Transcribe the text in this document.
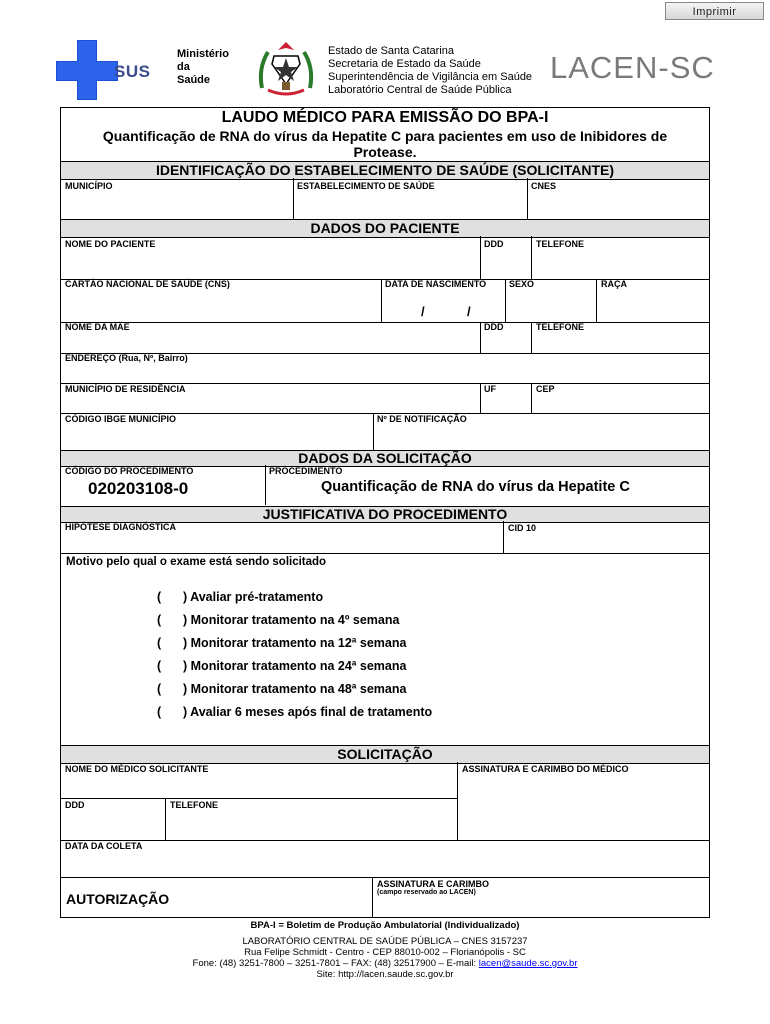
Imprimir
SUS
Ministério
da
Saúde
Estado de Santa Catarina
Secretaria de Estado da Saúde
Superintendência de Vigilância em Saúde
Laboratório Central de Saúde Pública
LACEN-SC
LAUDO MÉDICO PARA EMISSÃO DO BPA-I
Quantificação de RNA do vírus da Hepatite C para pacientes em uso de Inibidores de
Protease.
IDENTIFICAÇÃO DO ESTABELECIMENTO DE SAÚDE (SOLICITANTE)
MUNICÍPIO	ESTABELECIMENTO DE SAÚDE	CNES
DADOS DO PACIENTE
NOME DO PACIENTE	DDD	TELEFONE
CARTÃO NACIONAL DE SAÚDE (CNS)	DATA DE NASCIMENTO	SEXO	RAÇA
/	/
NOME DA MÃE	DDD	TELEFONE
ENDEREÇO (Rua, Nº, Bairro)
MUNICÍPIO DE RESIDÊNCIA	UF	CEP
CÓDIGO IBGE MUNICÍPIO	Nº DE NOTIFICAÇÃO
DADOS DA SOLICITAÇÃO
CÓDIGO DO PROCEDIMENTO	PROCEDIMENTO
020203108-0	Quantificação de RNA do vírus da Hepatite C
JUSTIFICATIVA DO PROCEDIMENTO
HIPÓTESE DIAGNÓSTICA	CID 10
Motivo pelo qual o exame está sendo solicitado
( ) Avaliar pré-tratamento
( ) Monitorar tratamento na 4º semana
( ) Monitorar tratamento na 12ª semana
( ) Monitorar tratamento na 24ª semana
( ) Monitorar tratamento na 48ª semana
( ) Avaliar 6 meses após final de tratamento
SOLICITAÇÃO
NOME DO MÉDICO SOLICITANTE	ASSINATURA E CARIMBO DO MÉDICO
DDD	TELEFONE
DATA DA COLETA
AUTORIZAÇÃO
ASSINATURA E CARIMBO
(campo reservado ao LACEN)
BPA-I = Boletim de Produção Ambulatorial (Individualizado)
LABORATÓRIO CENTRAL DE SAÚDE PÚBLICA – CNES 3157237
Rua Felipe Schmidt - Centro - CEP 88010-002 – Florianópolis - SC
Fone: (48) 3251-7800 – 3251-7801 – FAX: (48) 32517900 – E-mail: lacen@saude.sc.gov.br
Site: http://lacen.saude.sc.gov.br
